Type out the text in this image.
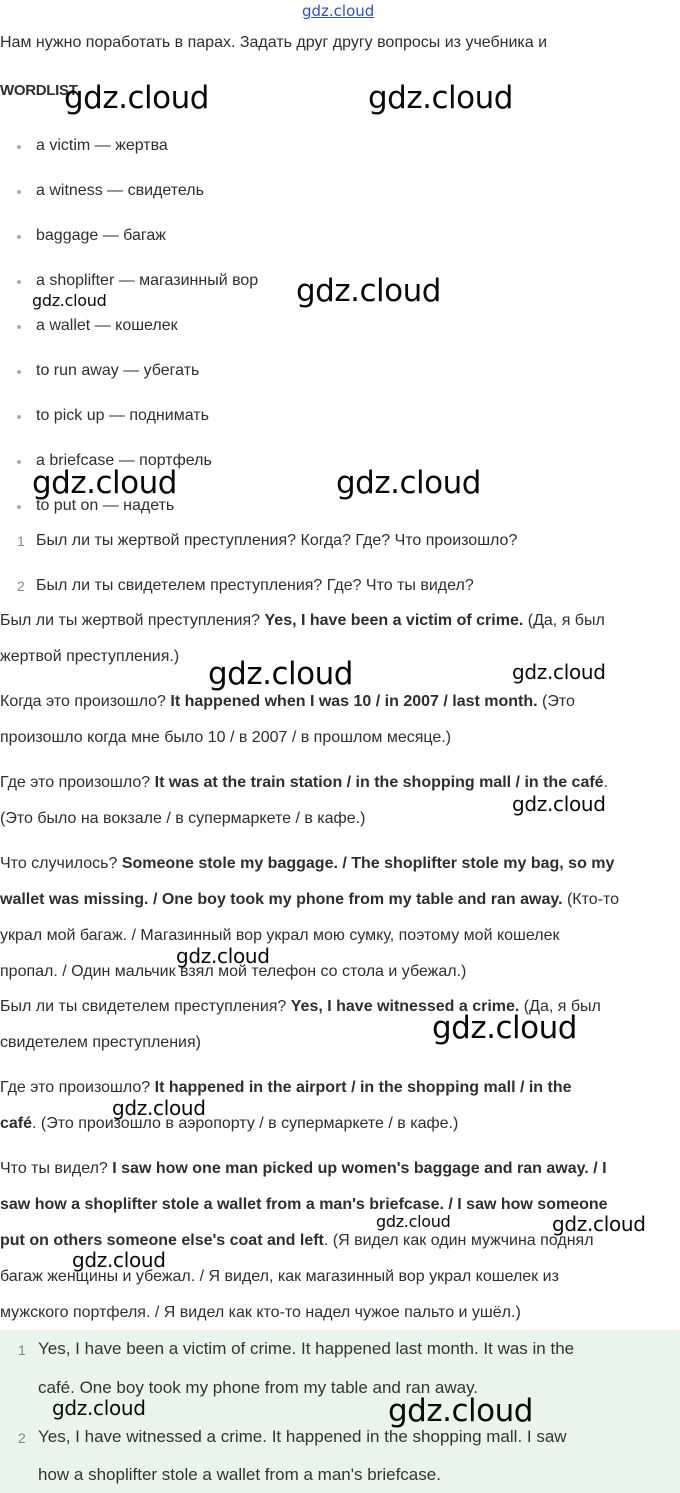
gdz.cloud
Нам нужно поработать в парах. Задать друг другу вопросы из учебника и
WORDLIST
a victim — жертва
a witness — свидетель
baggage — багаж
a shoplifter — магазинный вор
a wallet — кошелек
to run away — убегать
to pick up — поднимать
a briefcase — портфель
to put on — надеть
1 Был ли ты жертвой преступления? Когда? Где? Что произошло?
2 Был ли ты свидетелем преступления? Где? Что ты видел?
Был ли ты жертвой преступления? Yes, I have been a victim of crime. (Да, я был
жертвой преступления.)
Когда это произошло? It happened when I was 10 / in 2007 / last month. (Это
произошло когда мне было 10 / в 2007 / в прошлом месяце.)
Где это произошло? It was at the train station / in the shopping mall / in the café.
(Это было на вокзале / в супермаркете / в кафе.)
Что случилось? Someone stole my baggage. / The shoplifter stole my bag, so my
wallet was missing. / One boy took my phone from my table and ran away. (Кто-то
украл мой багаж. / Магазинный вор украл мою сумку, поэтому мой кошелек
пропал. / Один мальчик взял мой телефон со стола и убежал.)
Был ли ты свидетелем преступления? Yes, I have witnessed a crime. (Да, я был
свидетелем преступления)
Где это произошло? It happened in the airport / in the shopping mall / in the
café. (Это произошло в аэропорту / в супермаркете / в кафе.)
Что ты видел? I saw how one man picked up women's baggage and ran away. / I
saw how a shoplifter stole a wallet from a man's briefcase. / I saw how someone
put on others someone else's coat and left. (Я видел как один мужчина поднял
багаж женщины и убежал. / Я видел, как магазинный вор украл кошелек из
мужского портфеля. / Я видел как кто-то надел чужое пальто и ушёл.)
1 Yes, I have been a victim of crime. It happened last month. It was in the
café. One boy took my phone from my table and ran away.
2 Yes, I have witnessed a crime. It happened in the shopping mall. I saw
how a shoplifter stole a wallet from a man's briefcase.
gdz.cloud	gdz.cloud
gdz.cloud
gdz.cloud
gdz.cloud	gdz.cloud
gdz.cloud	gdz.cloud
gdz.cloud
gdz.cloud
gdz.cloud
gdz.cloud
gdz.cloud	gdz.cloud
gdz.cloud
gdz.cloud	gdz.cloud
